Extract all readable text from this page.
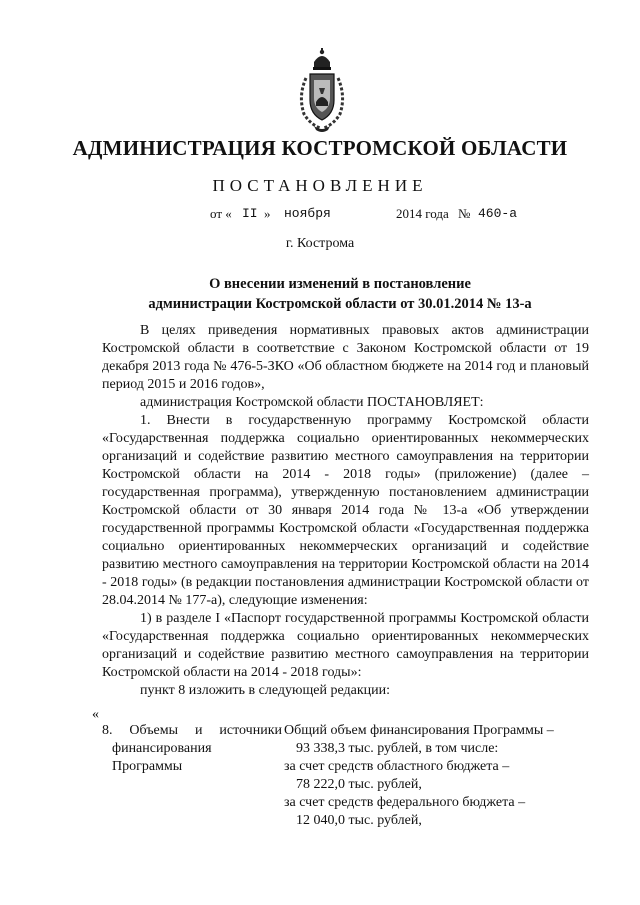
АДМИНИСТРАЦИЯ КОСТРОМСКОЙ ОБЛАСТИ
ПОСТАНОВЛЕНИЕ
от « II » ноября	2014 года № 460-а
г. Кострома
О внесении изменений в постановление
администрации Костромской области от 30.01.2014 № 13-а

В целях приведения нормативных правовых актов администрации Костромской области в соответствие с Законом Костромской области от 19 декабря 2013 года № 476-5-ЗКО «Об областном бюджете на 2014 год и плановый период 2015 и 2016 годов»,

администрация Костромской области ПОСТАНОВЛЯЕТ:

1. Внести в государственную программу Костромской области «Государственная поддержка социально ориентированных некоммерческих организаций и содействие развитию местного самоуправления на территории Костромской области на 2014 - 2018 годы» (приложение) (далее – государственная программа), утвержденную постановлением администрации Костромской области от 30 января 2014 года № 13-а «Об утверждении государственной программы Костромской области «Государственная поддержка социально ориентированных некоммерческих организаций и содействие развитию местного самоуправления на территории Костромской области на 2014 - 2018 годы» (в редакции постановления администрации Костромской области от 28.04.2014 № 177-а), следующие изменения:

1) в разделе I «Паспорт государственной программы Костромской области «Государственная поддержка социально ориентированных некоммерческих организаций и содействие развитию местного самоуправления на территории Костромской области на 2014 - 2018 годы»:

пункт 8 изложить в следующей редакции:

«
8. Объемы и источники
финансирования
Программы

Общий объем финансирования Программы –

93 338,3 тыс. рублей, в том числе:

за счет средств областного бюджета –

78 222,0 тыс. рублей,

за счет средств федерального бюджета –

12 040,0 тыс. рублей,
